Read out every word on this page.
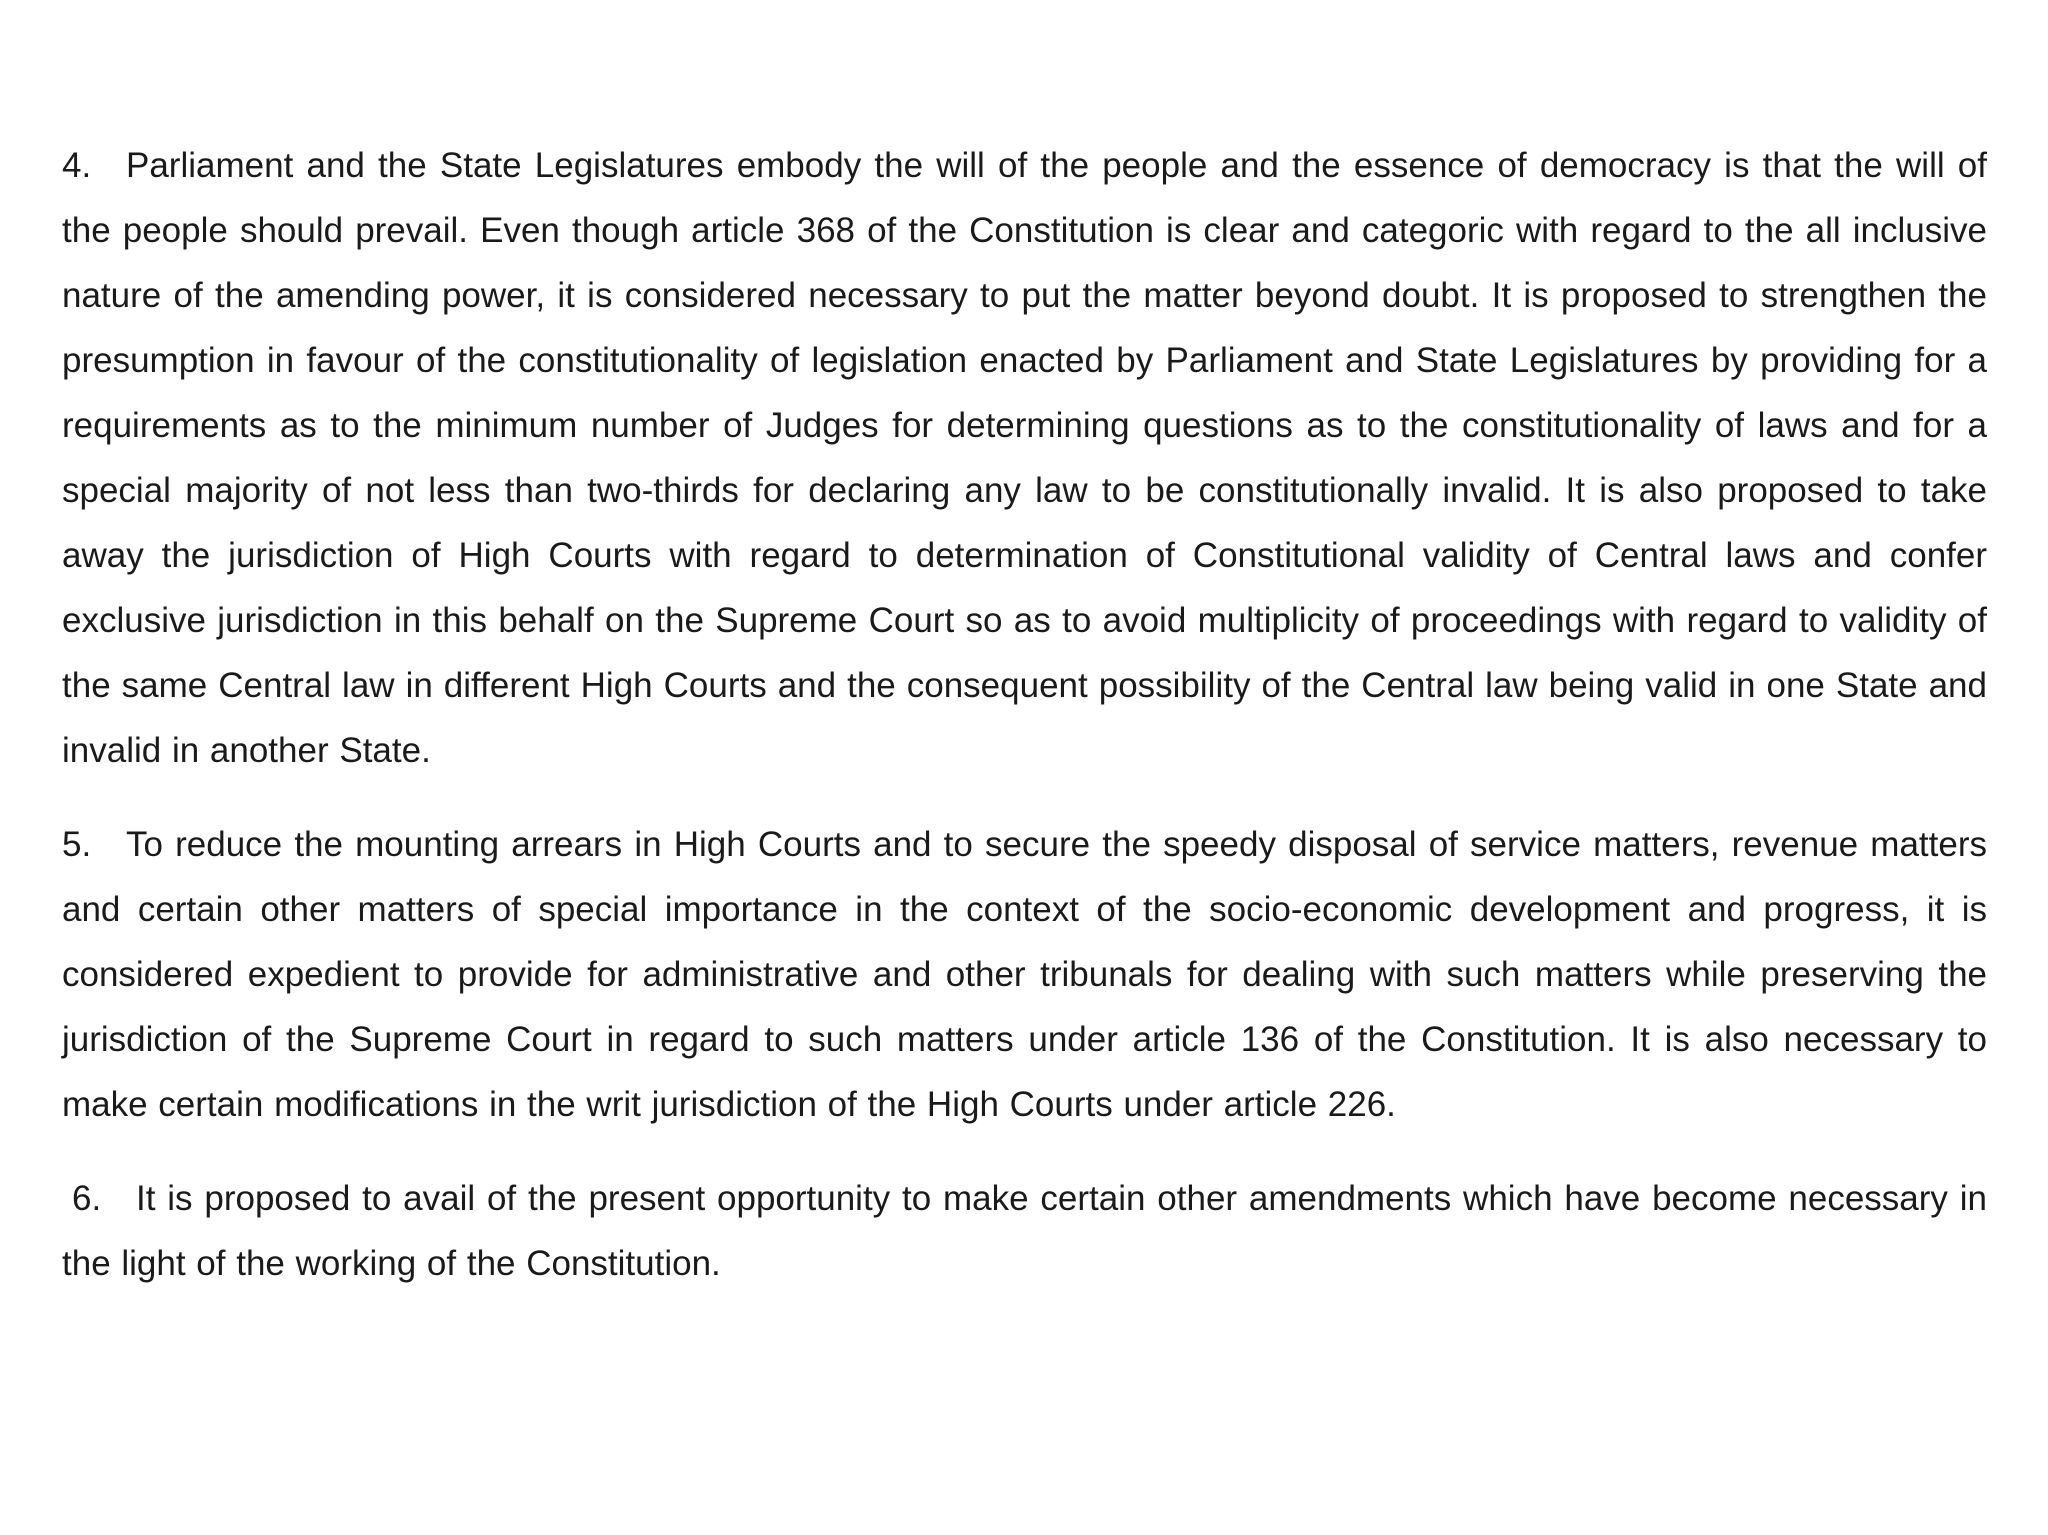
4. Parliament and the State Legislatures embody the will of the people and the essence of democracy is that the will of the people should prevail. Even though article 368 of the Constitution is clear and categoric with regard to the all inclusive nature of the amending power, it is considered necessary to put the matter beyond doubt. It is proposed to strengthen the presumption in favour of the constitutionality of legislation enacted by Parliament and State Legislatures by providing for a requirements as to the minimum number of Judges for determining questions as to the constitutionality of laws and for a special majority of not less than two-thirds for declaring any law to be constitutionally invalid. It is also proposed to take away the jurisdiction of High Courts with regard to determination of Constitutional validity of Central laws and confer exclusive jurisdiction in this behalf on the Supreme Court so as to avoid multiplicity of proceedings with regard to validity of the same Central law in different High Courts and the consequent possibility of the Central law being valid in one State and invalid in another State.

5. To reduce the mounting arrears in High Courts and to secure the speedy disposal of service matters, revenue matters and certain other matters of special importance in the context of the socio-economic development and progress, it is considered expedient to provide for administrative and other tribunals for dealing with such matters while preserving the jurisdiction of the Supreme Court in regard to such matters under article 136 of the Constitution. It is also necessary to make certain modifications in the writ jurisdiction of the High Courts under article 226.

6. It is proposed to avail of the present opportunity to make certain other amendments which have become necessary in the light of the working of the Constitution.
